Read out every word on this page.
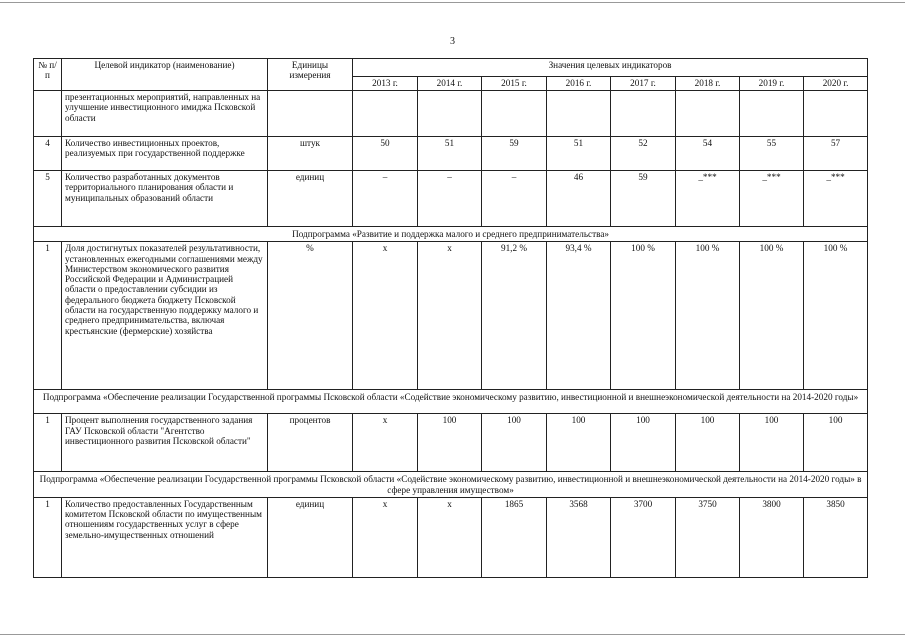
3
№ п/п	Целевой индикатор (наименование)	Единицы измерения	Значения целевых индикаторов							
			2013 г.	2014 г.	2015 г.	2016 г.	2017 г.	2018 г.	2019 г.	2020 г.
	презентационных мероприятий, направленных на улучшение инвестиционного имиджа Псковской области									
4	Количество инвестиционных проектов, реализуемых при государственной поддержке	штук	50	51	59	51	52	54	55	57
5	Количество разработанных документов территориального планирования области и муниципальных образований области	единиц	–	–	–	46	59	_***	_***	_***
Подпрограмма «Развитие и поддержка малого и среднего предпринимательства»										
1	Доля достигнутых показателей результативности, установленных ежегодными соглашениями между Министерством экономического развития Российской Федерации и Администрацией области о предоставлении субсидии из федерального бюджета бюджету Псковской области на государственную поддержку малого и среднего предпринимательства, включая крестьянские (фермерские) хозяйства	%	х	х	91,2 %	93,4 %	100 %	100 %	100 %	100 %
Подпрограмма «Обеспечение реализации Государственной программы Псковской области «Содействие экономическому развитию, инвестиционной и внешнеэкономической деятельности на 2014-2020 годы»										
1	Процент выполнения государственного задания ГАУ Псковской области "Агентство инвестиционного развития Псковской области"	процентов	х	100	100	100	100	100	100	100
Подпрограмма «Обеспечение реализации Государственной программы Псковской области «Содействие экономическому развитию, инвестиционной и внешнеэкономической деятельности на 2014-2020 годы» в сфере управления имуществом»										
1	Количество предоставленных Государственным комитетом Псковской области по имущественным отношениям государственных услуг в сфере земельно-имущественных отношений	единиц	х	х	1865	3568	3700	3750	3800	3850
